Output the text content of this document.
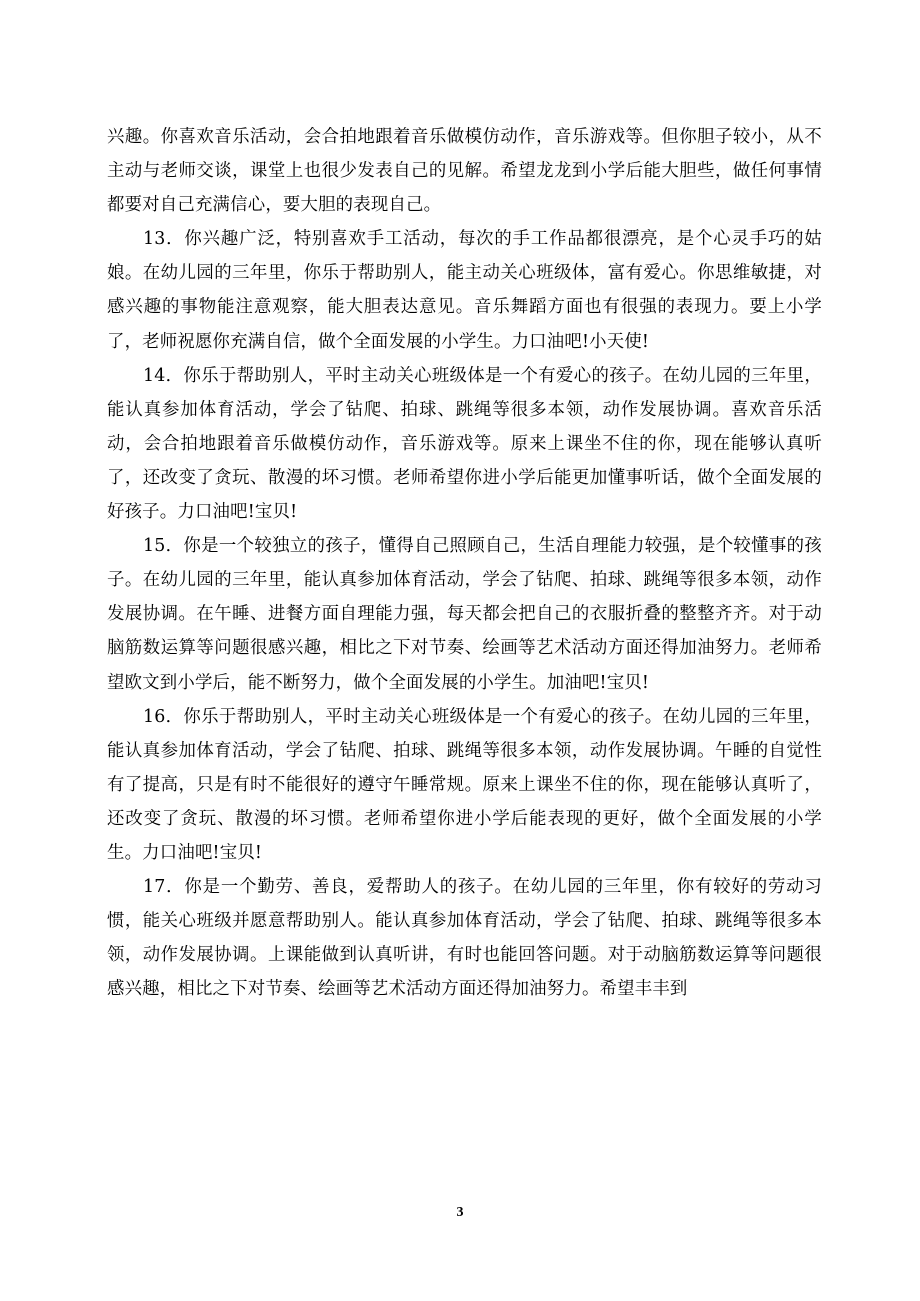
兴趣。你喜欢音乐活动，会合拍地跟着音乐做模仿动作，音乐游戏等。但你胆子较小，从不主动与老师交谈，课堂上也很少发表自己的见解。希望龙龙到小学后能大胆些，做任何事情都要对自己充满信心，要大胆的表现自己。

13．你兴趣广泛，特别喜欢手工活动，每次的手工作品都很漂亮，是个心灵手巧的姑娘。在幼儿园的三年里，你乐于帮助别人，能主动关心班级体，富有爱心。你思维敏捷，对感兴趣的事物能注意观察，能大胆表达意见。音乐舞蹈方面也有很强的表现力。要上小学了，老师祝愿你充满自信，做个全面发展的小学生。力口油吧!小天使!

14．你乐于帮助别人，平时主动关心班级体是一个有爱心的孩子。在幼儿园的三年里，能认真参加体育活动，学会了钻爬、拍球、跳绳等很多本领，动作发展协调。喜欢音乐活动，会合拍地跟着音乐做模仿动作，音乐游戏等。原来上课坐不住的你，现在能够认真听了，还改变了贪玩、散漫的坏习惯。老师希望你进小学后能更加懂事听话，做个全面发展的好孩子。力口油吧!宝贝!

15．你是一个较独立的孩子，懂得自己照顾自己，生活自理能力较强，是个较懂事的孩子。在幼儿园的三年里，能认真参加体育活动，学会了钻爬、拍球、跳绳等很多本领，动作发展协调。在午睡、进餐方面自理能力强，每天都会把自己的衣服折叠的整整齐齐。对于动脑筋数运算等问题很感兴趣，相比之下对节奏、绘画等艺术活动方面还得加油努力。老师希望欧文到小学后，能不断努力，做个全面发展的小学生。加油吧!宝贝!

16．你乐于帮助别人，平时主动关心班级体是一个有爱心的孩子。在幼儿园的三年里，能认真参加体育活动，学会了钻爬、拍球、跳绳等很多本领，动作发展协调。午睡的自觉性有了提高，只是有时不能很好的遵守午睡常规。原来上课坐不住的你，现在能够认真听了，还改变了贪玩、散漫的坏习惯。老师希望你进小学后能表现的更好，做个全面发展的小学生。力口油吧!宝贝!

17．你是一个勤劳、善良，爱帮助人的孩子。在幼儿园的三年里，你有较好的劳动习惯，能关心班级并愿意帮助别人。能认真参加体育活动，学会了钻爬、拍球、跳绳等很多本领，动作发展协调。上课能做到认真听讲，有时也能回答问题。对于动脑筋数运算等问题很感兴趣，相比之下对节奏、绘画等艺术活动方面还得加油努力。希望丰丰到

3
